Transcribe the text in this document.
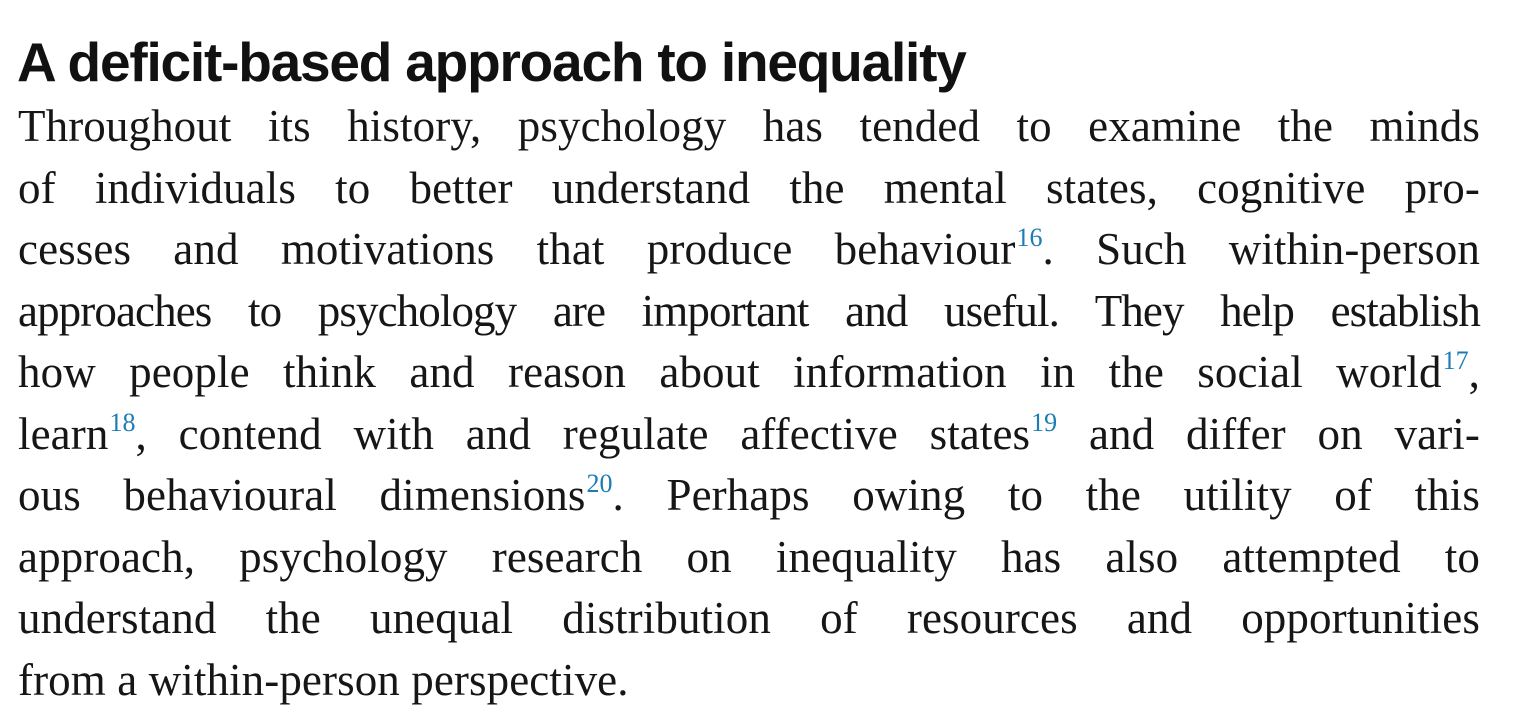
A deficit-based approach to inequality
Throughout its history, psychology has tended to examine the minds
of individuals to better understand the mental states, cognitive pro-
cesses and motivations that produce behaviour$^{16}$. Such within-person
approaches to psychology are important and useful. They help establish
how people think and reason about information in the social world$^{17}$,
learn$^{18}$, contend with and regulate affective states$^{19}$ and differ on vari-
ous behavioural dimensions$^{20}$. Perhaps owing to the utility of this
approach, psychology research on inequality has also attempted to
understand the unequal distribution of resources and opportunities
from a within-person perspective.
